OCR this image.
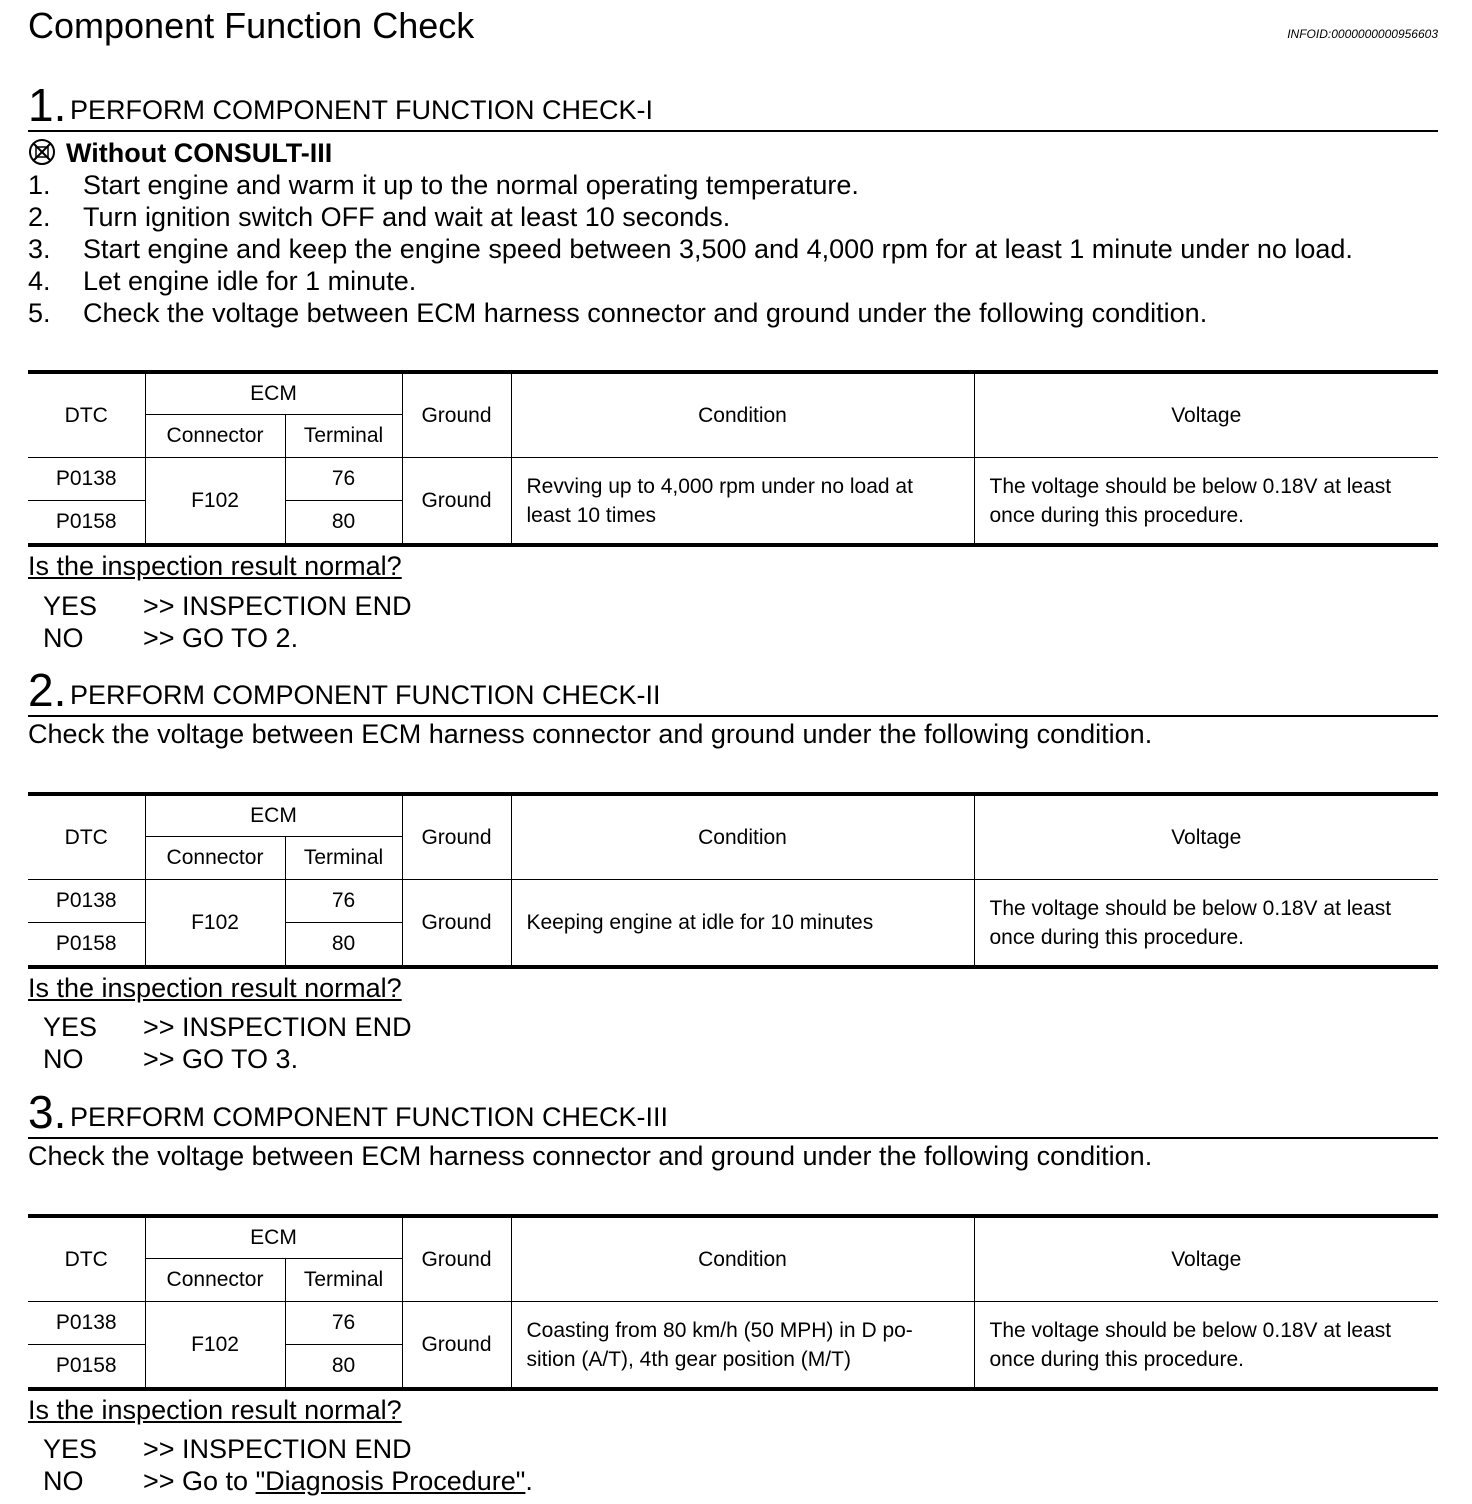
Component Function Check	INFOID:0000000000956603
1. PERFORM COMPONENT FUNCTION CHECK-I
Without CONSULT-III
1. Start engine and warm it up to the normal operating temperature.
2. Turn ignition switch OFF and wait at least 10 seconds.
3. Start engine and keep the engine speed between 3,500 and 4,000 rpm for at least 1 minute under no load.
4. Let engine idle for 1 minute.
5. Check the voltage between ECM harness connector and ground under the following condition.
DTC	ECM		Ground	Condition	Voltage
	Connector	Terminal			
P0138	F102	76	Ground	Revving up to 4,000 rpm under no load at least 10 times	The voltage should be below 0.18V at least once during this procedure.
P0158		80			
Is the inspection result normal?
YES >> INSPECTION END
NO >> GO TO 2.
2. PERFORM COMPONENT FUNCTION CHECK-II
Check the voltage between ECM harness connector and ground under the following condition.
DTC	ECM		Ground	Condition	Voltage
	Connector	Terminal			
P0138	F102	76	Ground	Keeping engine at idle for 10 minutes	The voltage should be below 0.18V at least once during this procedure.
P0158		80			
Is the inspection result normal?
YES >> INSPECTION END
NO >> GO TO 3.
3. PERFORM COMPONENT FUNCTION CHECK-III
Check the voltage between ECM harness connector and ground under the following condition.
DTC	ECM		Ground	Condition	Voltage
	Connector	Terminal			
P0138	F102	76	Ground	Coasting from 80 km/h (50 MPH) in D po-sition (A/T), 4th gear position (M/T)	The voltage should be below 0.18V at least once during this procedure.
P0158		80			
Is the inspection result normal?
YES >> INSPECTION END
NO >> Go to "Diagnosis Procedure".
